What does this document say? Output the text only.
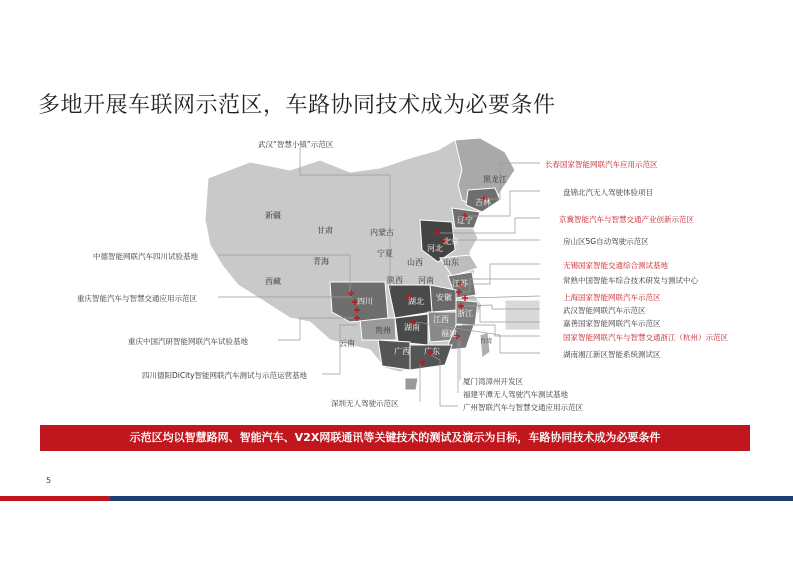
多地开展车联网示范区，车路协同技术成为必要条件
黑龙江
吉林
辽宁
北京
河北
内蒙古
新疆
甘肃
青海
宁夏
山西	山东
西藏	陕西 河南 江苏
四川	湖北 安徽
浙江
贵州 湖南
江西
云南
福建
广西 广东
台湾
武汉“智慧小镇”示范区
中德智能网联汽车四川试验基地
重庆智能汽车与智慧交通应用示范区
重庆中国汽研智能网联汽车试验基地
四川德阳DiCity智能网联汽车测试与示范运营基地
深圳无人驾驶示范区
长春国家智能网联汽车应用示范区
盘锦北汽无人驾驶体验项目
京冀智能汽车与智慧交通产业创新示范区
房山区5G自动驾驶示范区
无锡国家智能交通综合测试基地
常熟中国智能车综合技术研发与测试中心
上海国家智能网联汽车示范区
武汉智能网联汽车示范区
嘉善国家智能网联汽车示范区
国家智能网联汽车与智慧交通浙江（杭州）示范区
湖南湘江新区智能系统测试区
厦门湾漳州开发区
福建平潭无人驾驶汽车测试基地
广州智联汽车与智慧交通应用示范区
示范区均以智慧路网、智能汽车、V2X网联通讯等关键技术的测试及演示为目标，车路协同技术成为必要条件
5
